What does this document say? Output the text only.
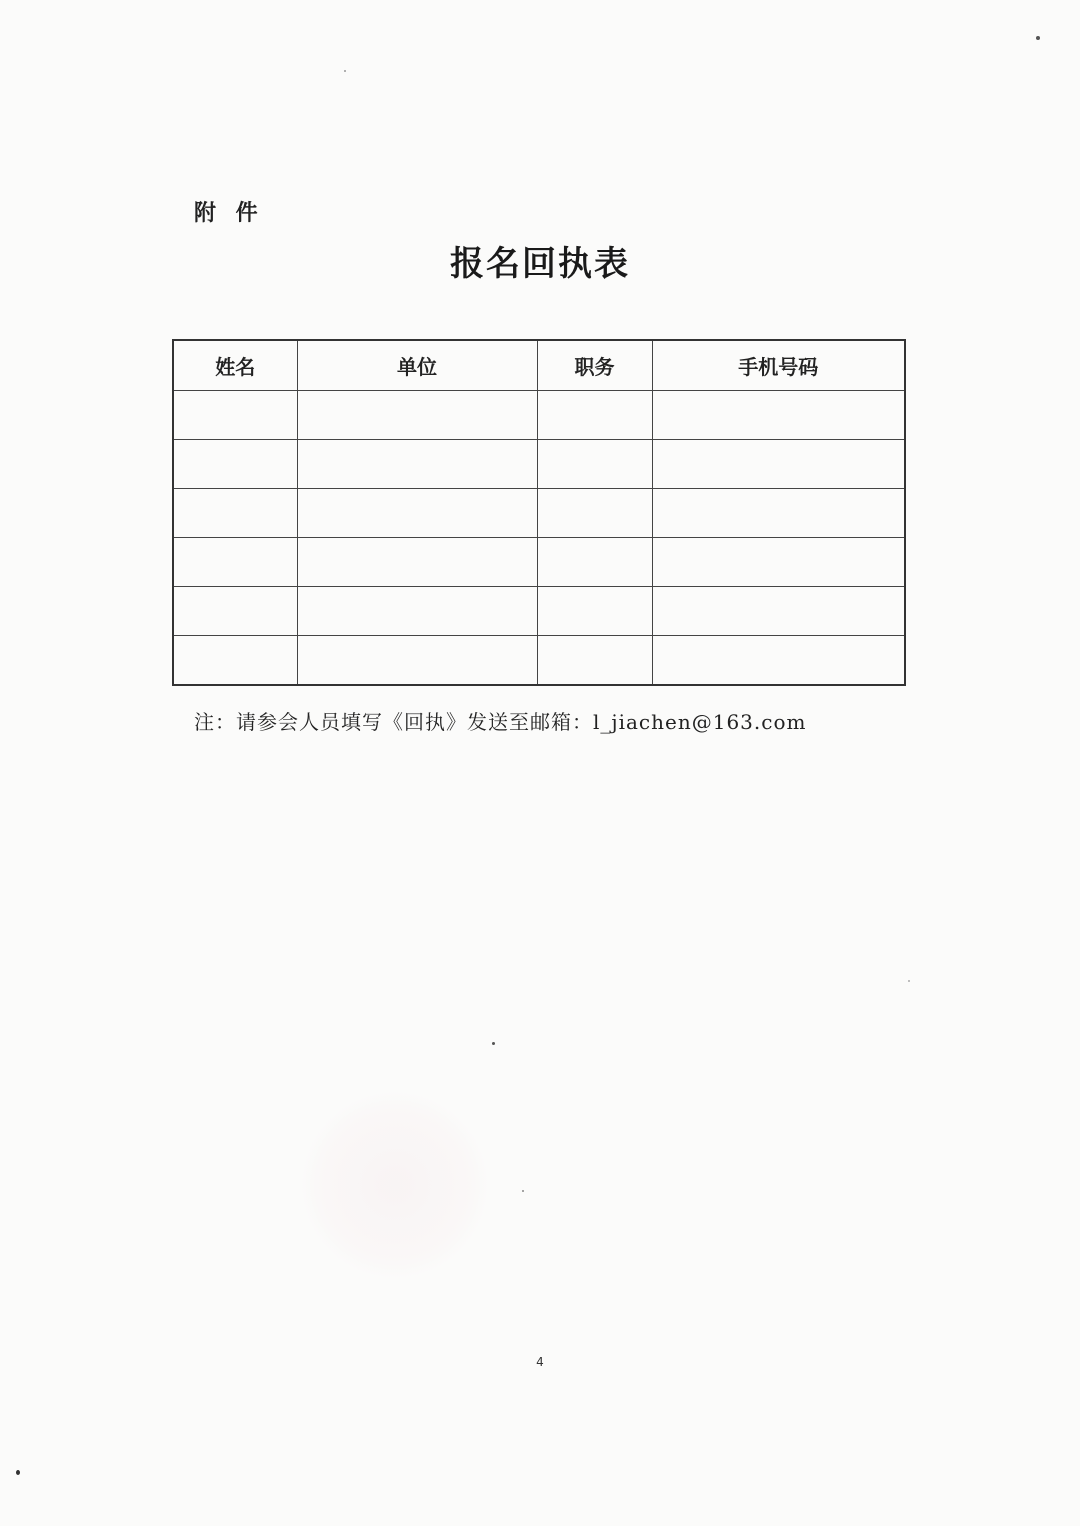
附 件
报名回执表
姓名	单位	职务	手机号码

注：请参会人员填写《回执》发送至邮箱：l_jiachen@163.com
4
